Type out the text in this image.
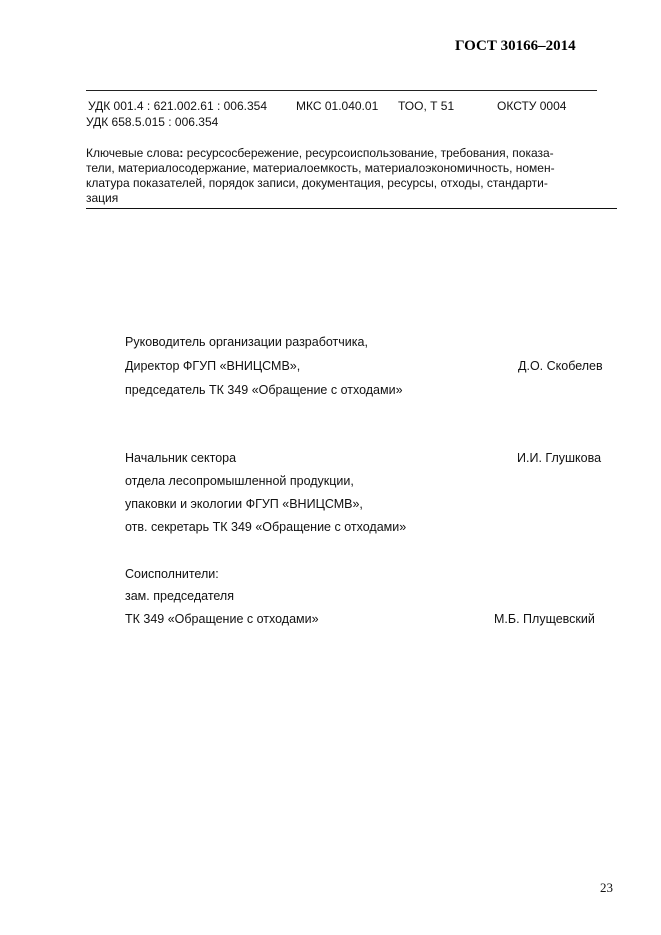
ГОСТ 30166–2014
УДК 001.4 : 621.002.61 : 006.354 МКС 01.040.01 ТОО, Т 51	ОКСТУ 0004
УДК 658.5.015 : 006.354
Ключевые слова: ресурсосбережение, ресурсоиспользование, требования, показа-
тели, материалосодержание, материалоемкость, материалоэкономичность, номен-
клатура показателей, порядок записи, документация, ресурсы, отходы, стандарти-
зация
Руководитель организации разработчика,
Директор ФГУП «ВНИЦСМВ»,	Д.О. Скобелев
председатель ТК 349 «Обращение с отходами»
Начальник сектора	И.И. Глушкова
отдела лесопромышленной продукции,
упаковки и экологии ФГУП «ВНИЦСМВ»,
отв. секретарь ТК 349 «Обращение с отходами»
Соисполнители:
зам. председателя
ТК 349 «Обращение с отходами»	М.Б. Плущевский
23
